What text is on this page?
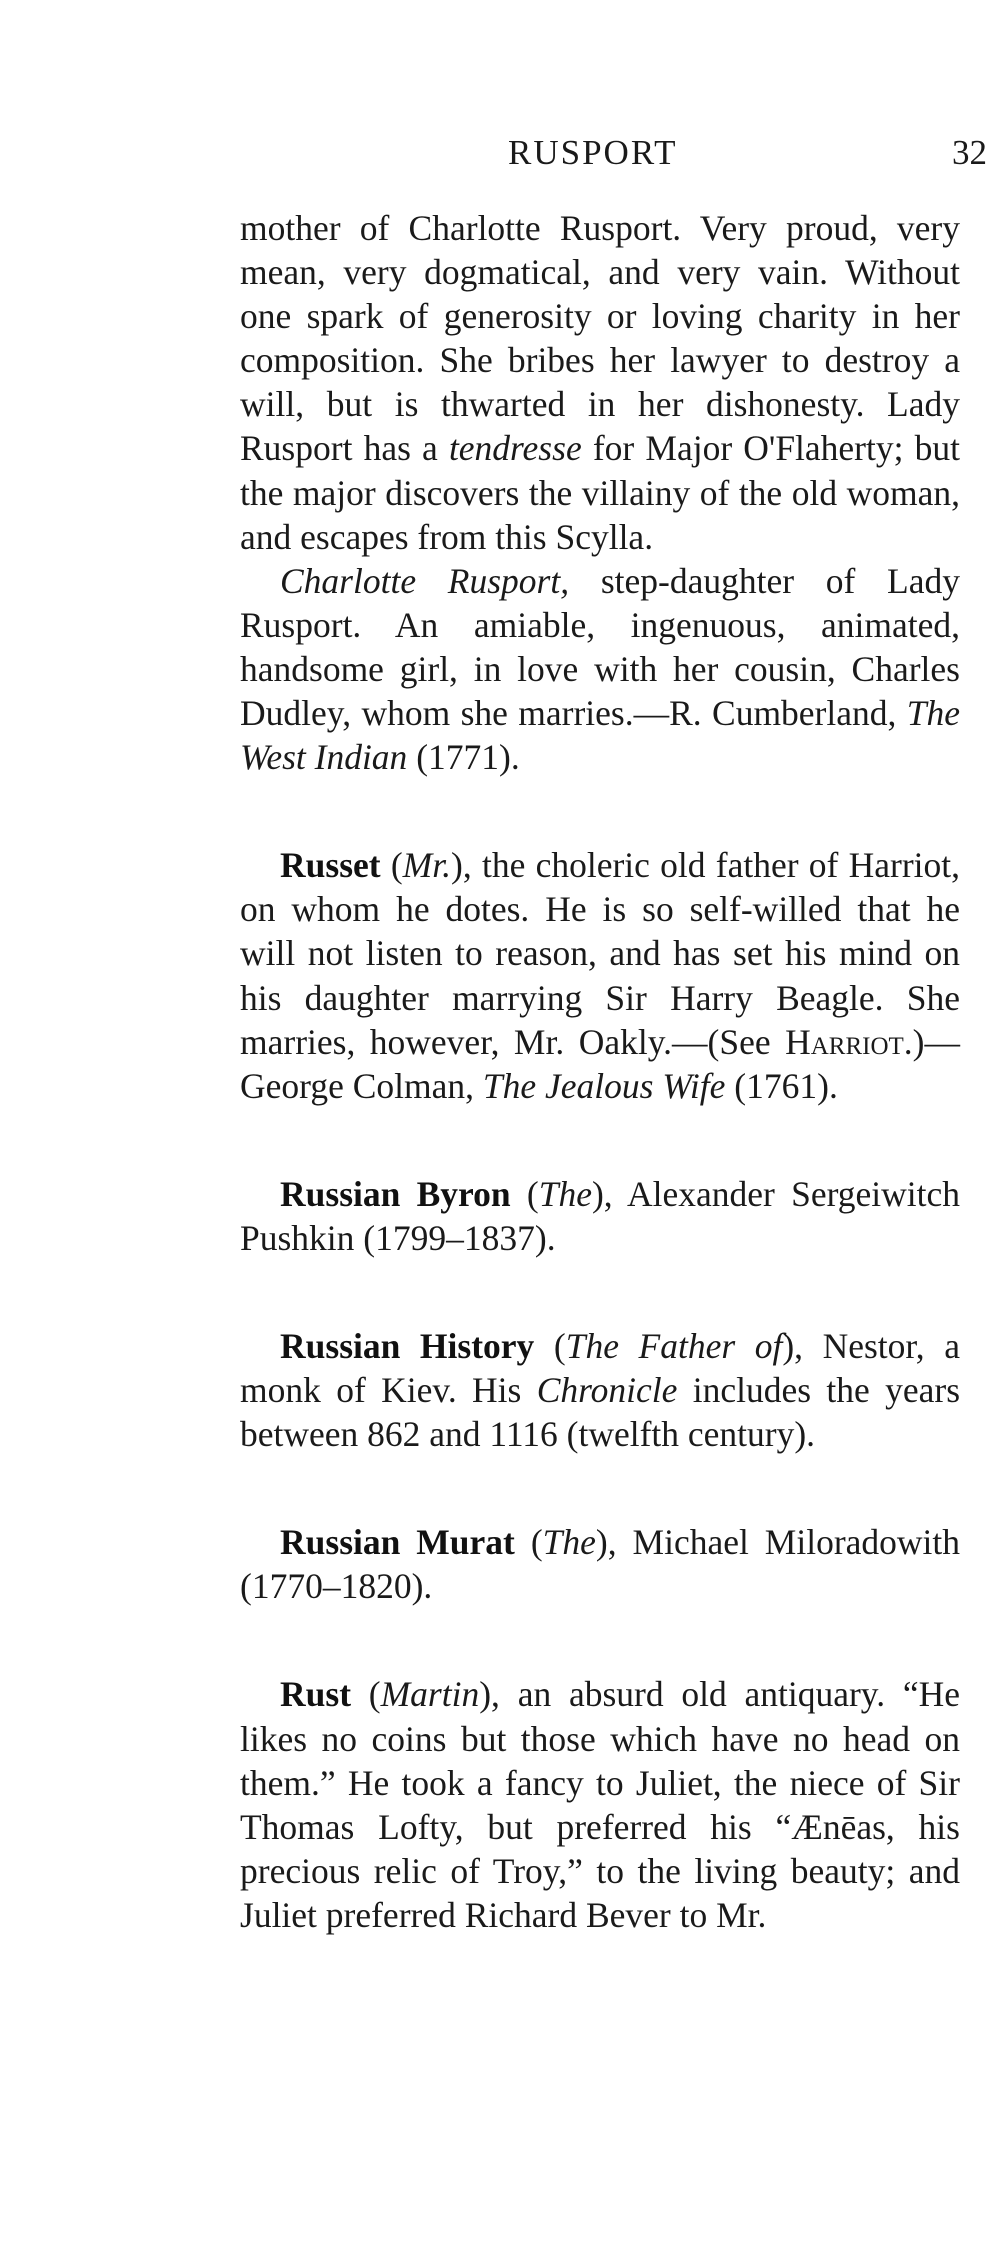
RUSPORT	32

mother of Charlotte Rusport. Very proud, very mean, very dogmatical, and very vain. Without one spark of generosity or loving charity in her composition. She bribes her lawyer to destroy a will, but is thwarted in her dishonesty. Lady Rusport has a tendresse for Major O'Flaherty; but the major discovers the villainy of the old woman, and escapes from this Scylla.

Charlotte Rusport, step-daughter of Lady Rusport. An amiable, ingenuous, animated, handsome girl, in love with her cousin, Charles Dudley, whom she marries.—R. Cumberland, The West Indian (1771).

Russet (Mr.), the choleric old father of Harriot, on whom he dotes. He is so self-willed that he will not listen to reason, and has set his mind on his daughter marrying Sir Harry Beagle. She marries, however, Mr. Oakly.—(See Harriot.)—George Colman, The Jealous Wife (1761).

Russian Byron (The), Alexander Sergeiwitch Pushkin (1799–1837).

Russian History (The Father of), Nestor, a monk of Kiev. His Chronicle includes the years between 862 and 1116 (twelfth century).

Russian Murat (The), Michael Miloradowith (1770–1820).

Rust (Martin), an absurd old antiquary. “He likes no coins but those which have no head on them.” He took a fancy to Juliet, the niece of Sir Thomas Lofty, but preferred his “Ænēas, his precious relic of Troy,” to the living beauty; and Juliet preferred Richard Bever to Mr.
